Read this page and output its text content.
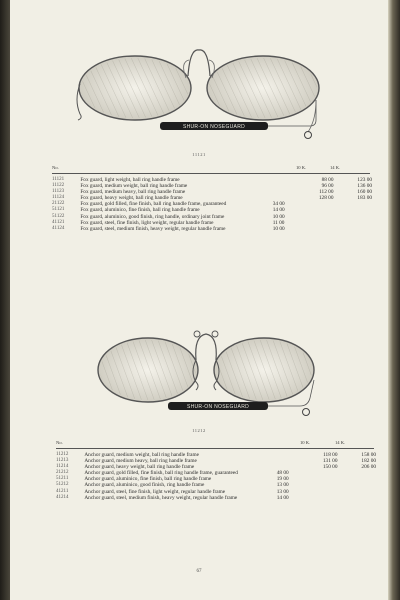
SHUR-ON NOSEGUARD
11121
No.	10 K.	14 K.
11121	Fox guard, light weight, ball ring handle frame		88 00	123 00
11122	Fox guard, medium weight, ball ring handle frame		96 00	136 00
11123	Fox guard, medium heavy, ball ring handle frame		112 00	160 00
11124	Fox guard, heavy weight, ball ring handle frame		128 00	183 00
21122	Fox guard, gold filled, fine finish, ball ring handle frame, guaranteed	34 00		
51121	Fox guard, aluminico, fine finish, ball ring handle frame	14 00		
51122	Fox guard, aluminico, good finish, ring handle, ordinary joint frame	10 00		
41121	Fox guard, steel, fine finish, light weight, regular handle frame	11 00		
41124	Fox guard, steel, medium finish, heavy weight, regular handle frame	10 00		
SHUR-ON NOSEGUARD
11212
No.	10 K.	14 K.
11212	Anchor guard, medium weight, ball ring handle frame		118 00	158 00
11213	Anchor guard, medium heavy, ball ring handle frame		131 00	182 00
11214	Anchor guard, heavy weight, ball ring handle frame		150 00	206 00
21212	Anchor guard, gold filled, fine finish, ball ring handle frame, guaranteed	48 00		
51211	Anchor guard, aluminico, fine finish, ball ring handle frame	19 00		
51212	Anchor guard, aluminico, good finish, ring handle frame	13 00		
41211	Anchor guard, steel, fine finish, light weight, regular handle frame	13 00		
41214	Anchor guard, steel, medium finish, heavy weight, regular handle frame	14 00		
67
